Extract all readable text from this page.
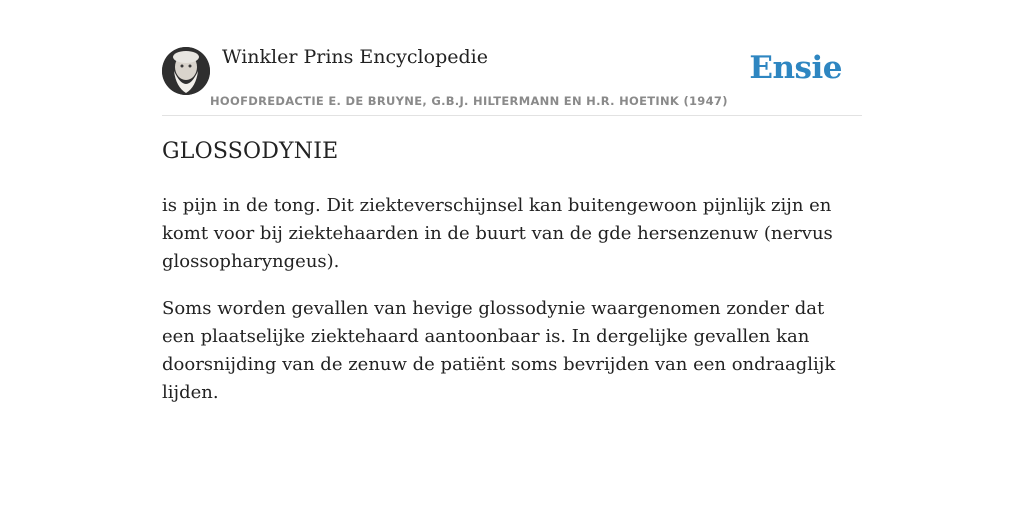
Winkler Prins Encyclopedie
HOOFDREDACTIE E. DE BRUYNE, G.B.J. HILTERMANN EN H.R. HOETINK (1947)
Ensie
GLOSSODYNIE

is pijn in de tong. Dit ziekteverschijnsel kan buitengewoon pijnlijk zijn en komt voor bij ziektehaarden in de buurt van de gde hersenzenuw (nervus glossopharyngeus).

Soms worden gevallen van hevige glossodynie waargenomen zonder dat een plaatselijke ziektehaard aantoonbaar is. In dergelijke gevallen kan doorsnijding van de zenuw de patiënt soms bevrijden van een ondraaglijk lijden.
